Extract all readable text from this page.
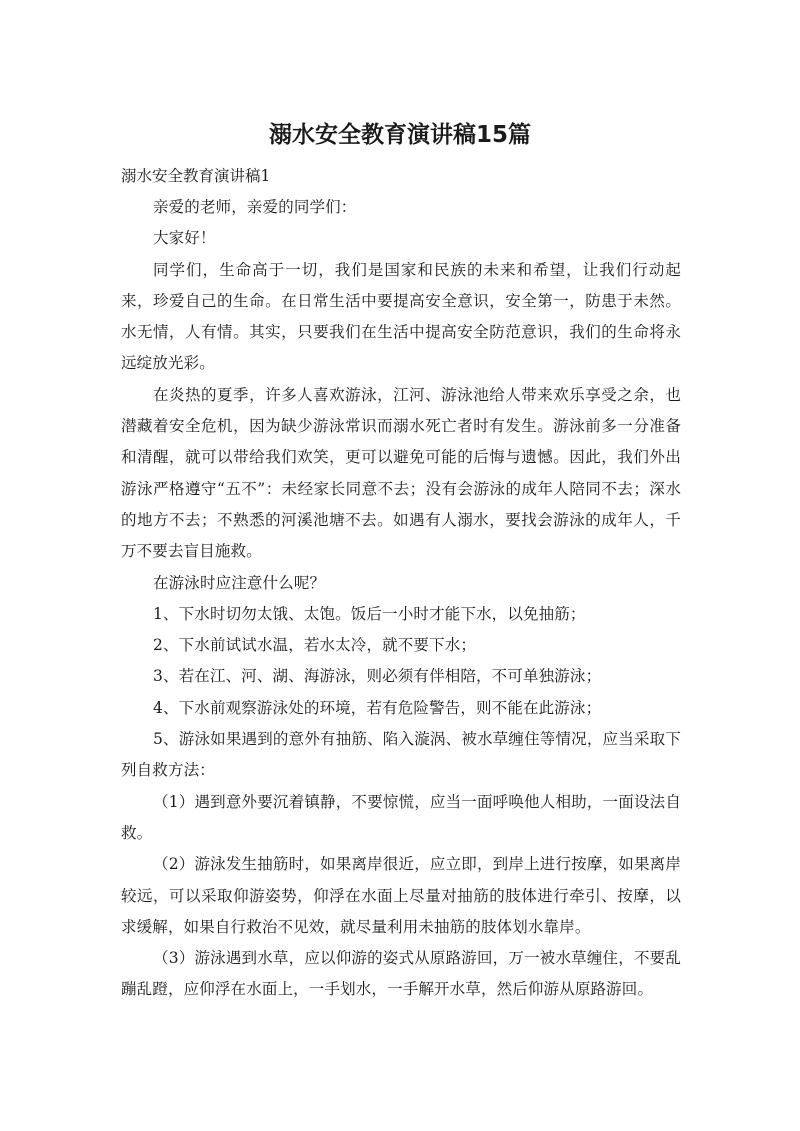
溺水安全教育演讲稿15篇

溺水安全教育演讲稿1

亲爱的老师，亲爱的同学们：

大家好！

同学们，生命高于一切，我们是国家和民族的未来和希望，让我们行动起来，珍爱自己的生命。在日常生活中要提高安全意识，安全第一，防患于未然。水无情，人有情。其实，只要我们在生活中提高安全防范意识，我们的生命将永远绽放光彩。

在炎热的夏季，许多人喜欢游泳，江河、游泳池给人带来欢乐享受之余，也潜藏着安全危机，因为缺少游泳常识而溺水死亡者时有发生。游泳前多一分准备和清醒，就可以带给我们欢笑，更可以避免可能的后悔与遗憾。因此，我们外出游泳严格遵守“五不”：未经家长同意不去；没有会游泳的成年人陪同不去；深水的地方不去；不熟悉的河溪池塘不去。如遇有人溺水，要找会游泳的成年人，千万不要去盲目施救。

在游泳时应注意什么呢？

1、下水时切勿太饿、太饱。饭后一小时才能下水，以免抽筋；

2、下水前试试水温，若水太冷，就不要下水；

3、若在江、河、湖、海游泳，则必须有伴相陪，不可单独游泳；

4、下水前观察游泳处的环境，若有危险警告，则不能在此游泳；

5、游泳如果遇到的意外有抽筋、陷入漩涡、被水草缠住等情况，应当采取下列自救方法：

（1）遇到意外要沉着镇静，不要惊慌，应当一面呼唤他人相助，一面设法自救。

（2）游泳发生抽筋时，如果离岸很近，应立即，到岸上进行按摩，如果离岸较远，可以采取仰游姿势，仰浮在水面上尽量对抽筋的肢体进行牵引、按摩，以求缓解，如果自行救治不见效，就尽量利用未抽筋的肢体划水靠岸。

（3）游泳遇到水草，应以仰游的姿式从原路游回，万一被水草缠住，不要乱蹦乱蹬，应仰浮在水面上，一手划水，一手解开水草，然后仰游从原路游回。
